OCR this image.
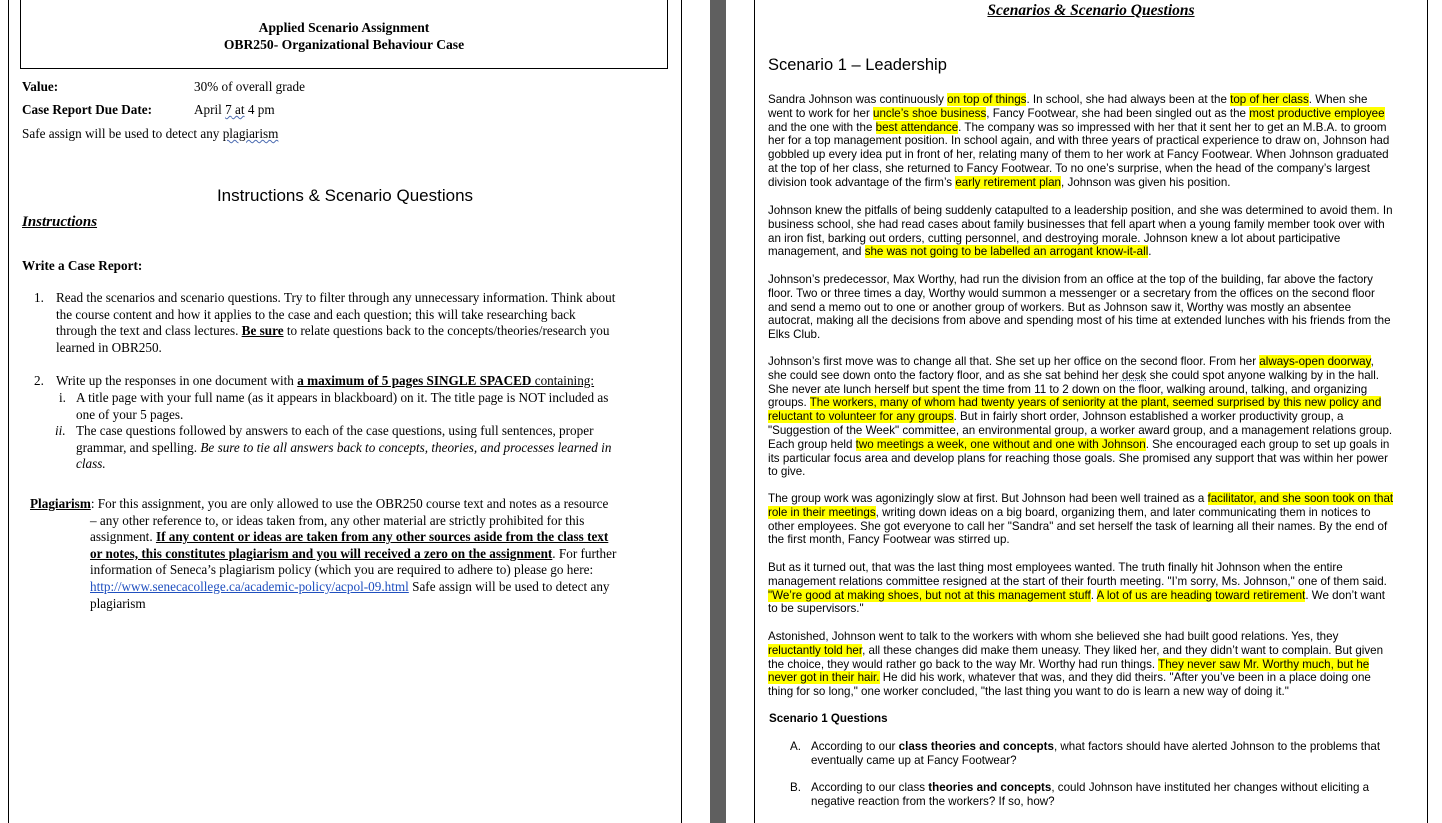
Applied Scenario Assignment
OBR250- Organizational Behaviour Case
Value:	30% of overall grade
Case Report Due Date:	April 7 at 4 pm
Safe assign will be used to detect any plagiarism
Instructions & Scenario Questions
Instructions
Write a Case Report:
1. Read the scenarios and scenario questions. Try to filter through any unnecessary information. Think about
the course content and how it applies to the case and each question; this will take researching back
through the text and class lectures. Be sure to relate questions back to the concepts/theories/research you
learned in OBR250.
2. Write up the responses in one document with a maximum of 5 pages SINGLE SPACED containing:
i. A title page with your full name (as it appears in blackboard) on it. The title page is NOT included as
one of your 5 pages.
ii. The case questions followed by answers to each of the case questions, using full sentences, proper
grammar, and spelling. Be sure to tie all answers back to concepts, theories, and processes learned in
class.
Plagiarism: For this assignment, you are only allowed to use the OBR250 course text and notes as a resource
– any other reference to, or ideas taken from, any other material are strictly prohibited for this
assignment. If any content or ideas are taken from any other sources aside from the class text
or notes, this constitutes plagiarism and you will received a zero on the assignment. For further
information of Seneca’s plagiarism policy (which you are required to adhere to) please go here:
http://www.senecacollege.ca/academic-policy/acpol-09.html Safe assign will be used to detect any
plagiarism
Scenarios & Scenario Questions
Scenario 1 – Leadership
Sandra Johnson was continuously on top of things. In school, she had always been at the top of her class. When she
went to work for her uncle’s shoe business, Fancy Footwear, she had been singled out as the most productive employee
and the one with the best attendance. The company was so impressed with her that it sent her to get an M.B.A. to groom
her for a top management position. In school again, and with three years of practical experience to draw on, Johnson had
gobbled up every idea put in front of her, relating many of them to her work at Fancy Footwear. When Johnson graduated
at the top of her class, she returned to Fancy Footwear. To no one’s surprise, when the head of the company’s largest
division took advantage of the firm’s early retirement plan, Johnson was given his position.
Johnson knew the pitfalls of being suddenly catapulted to a leadership position, and she was determined to avoid them. In
business school, she had read cases about family businesses that fell apart when a young family member took over with
an iron fist, barking out orders, cutting personnel, and destroying morale. Johnson knew a lot about participative
management, and she was not going to be labelled an arrogant know-it-all.
Johnson’s predecessor, Max Worthy, had run the division from an office at the top of the building, far above the factory
floor. Two or three times a day, Worthy would summon a messenger or a secretary from the offices on the second floor
and send a memo out to one or another group of workers. But as Johnson saw it, Worthy was mostly an absentee
autocrat, making all the decisions from above and spending most of his time at extended lunches with his friends from the
Elks Club.
Johnson’s first move was to change all that. She set up her office on the second floor. From her always-open doorway,
she could see down onto the factory floor, and as she sat behind her desk she could spot anyone walking by in the hall.
She never ate lunch herself but spent the time from 11 to 2 down on the floor, walking around, talking, and organizing
groups. The workers, many of whom had twenty years of seniority at the plant, seemed surprised by this new policy and
reluctant to volunteer for any groups. But in fairly short order, Johnson established a worker productivity group, a
"Suggestion of the Week" committee, an environmental group, a worker award group, and a management relations group.
Each group held two meetings a week, one without and one with Johnson. She encouraged each group to set up goals in
its particular focus area and develop plans for reaching those goals. She promised any support that was within her power
to give.
The group work was agonizingly slow at first. But Johnson had been well trained as a facilitator, and she soon took on that
role in their meetings, writing down ideas on a big board, organizing them, and later communicating them in notices to
other employees. She got everyone to call her "Sandra" and set herself the task of learning all their names. By the end of
the first month, Fancy Footwear was stirred up.
But as it turned out, that was the last thing most employees wanted. The truth finally hit Johnson when the entire
management relations committee resigned at the start of their fourth meeting. "I’m sorry, Ms. Johnson," one of them said.
"We’re good at making shoes, but not at this management stuff. A lot of us are heading toward retirement. We don’t want
to be supervisors."
Astonished, Johnson went to talk to the workers with whom she believed she had built good relations. Yes, they
reluctantly told her, all these changes did make them uneasy. They liked her, and they didn’t want to complain. But given
the choice, they would rather go back to the way Mr. Worthy had run things. They never saw Mr. Worthy much, but he
never got in their hair. He did his work, whatever that was, and they did theirs. "After you’ve been in a place doing one
thing for so long," one worker concluded, "the last thing you want to do is learn a new way of doing it."
Scenario 1 Questions
A. According to our class theories and concepts, what factors should have alerted Johnson to the problems that
eventually came up at Fancy Footwear?
B. According to our class theories and concepts, could Johnson have instituted her changes without eliciting a
negative reaction from the workers? If so, how?
